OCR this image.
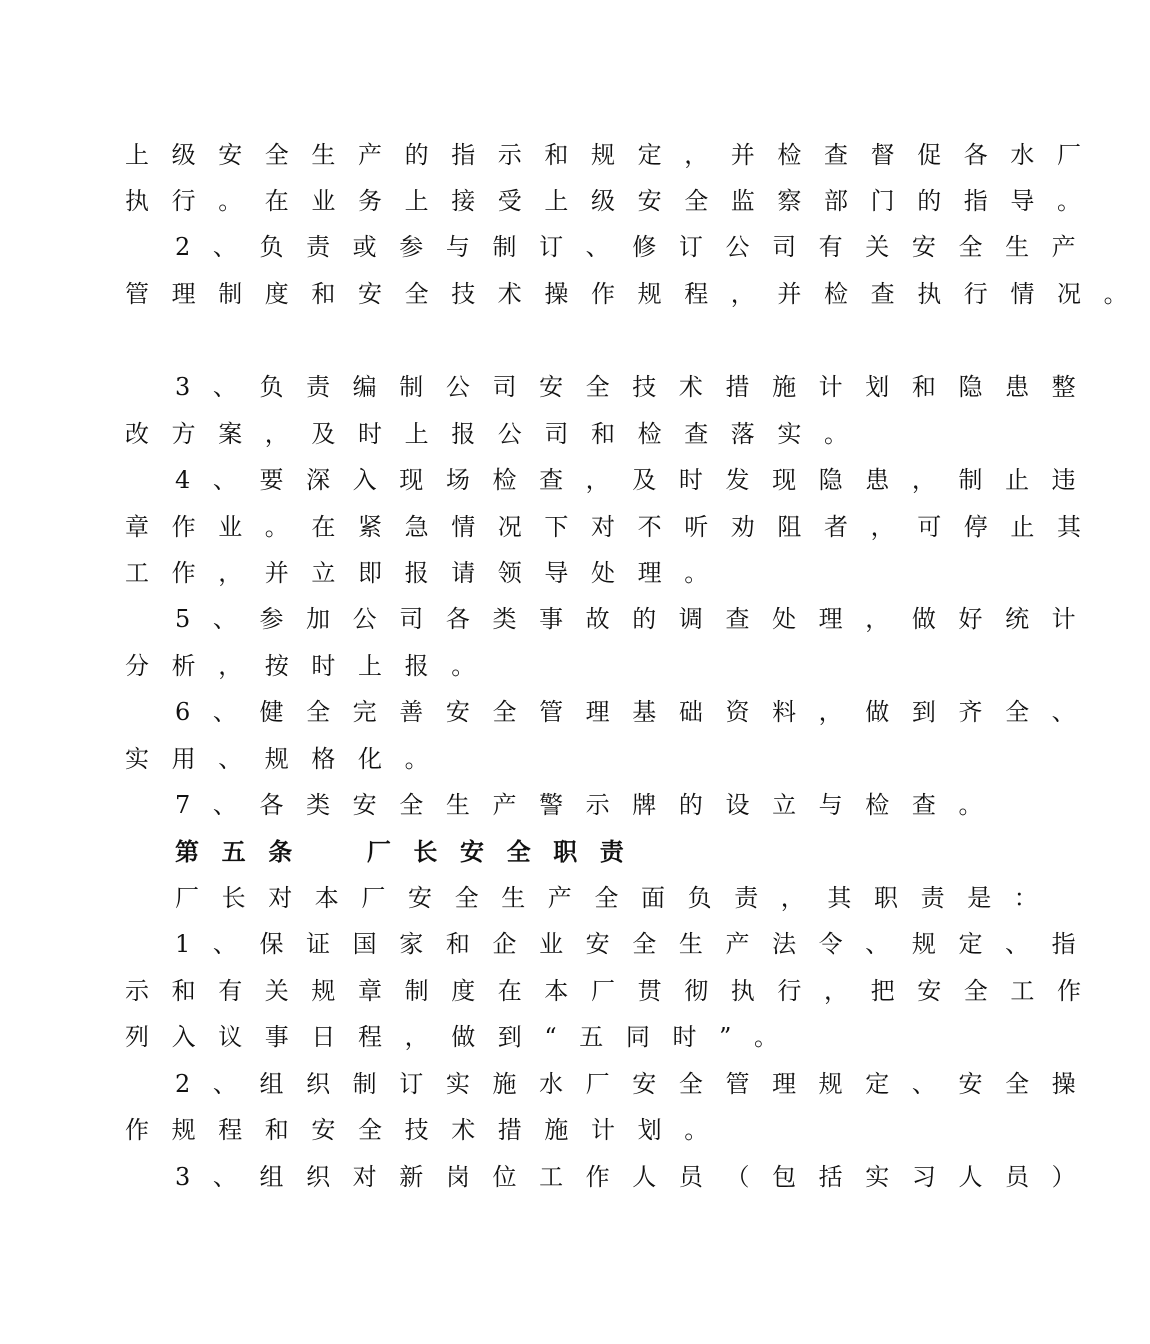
上级安全生产的指示和规定，并检查督促各水厂
执行。在业务上接受上级安全监察部门的指导。
2、负责或参与制订、修订公司有关安全生产
管理制度和安全技术操作规程，并检查执行情况。
3、负责编制公司安全技术措施计划和隐患整
改方案，及时上报公司和检查落实。
4、要深入现场检查，及时发现隐患，制止违
章作业。在紧急情况下对不听劝阻者，可停止其
工作，并立即报请领导处理。
5、参加公司各类事故的调查处理，做好统计
分析，按时上报。
6、健全完善安全管理基础资料，做到齐全、
实用、规格化。
7、各类安全生产警示牌的设立与检查。
第五条 厂长安全职责
厂长对本厂安全生产全面负责，其职责是：
1、保证国家和企业安全生产法令、规定、指
示和有关规章制度在本厂贯彻执行，把安全工作
列入议事日程，做到“五同时”。
2、组织制订实施水厂安全管理规定、安全操
作规程和安全技术措施计划。
3、组织对新岗位工作人员（包括实习人员）
